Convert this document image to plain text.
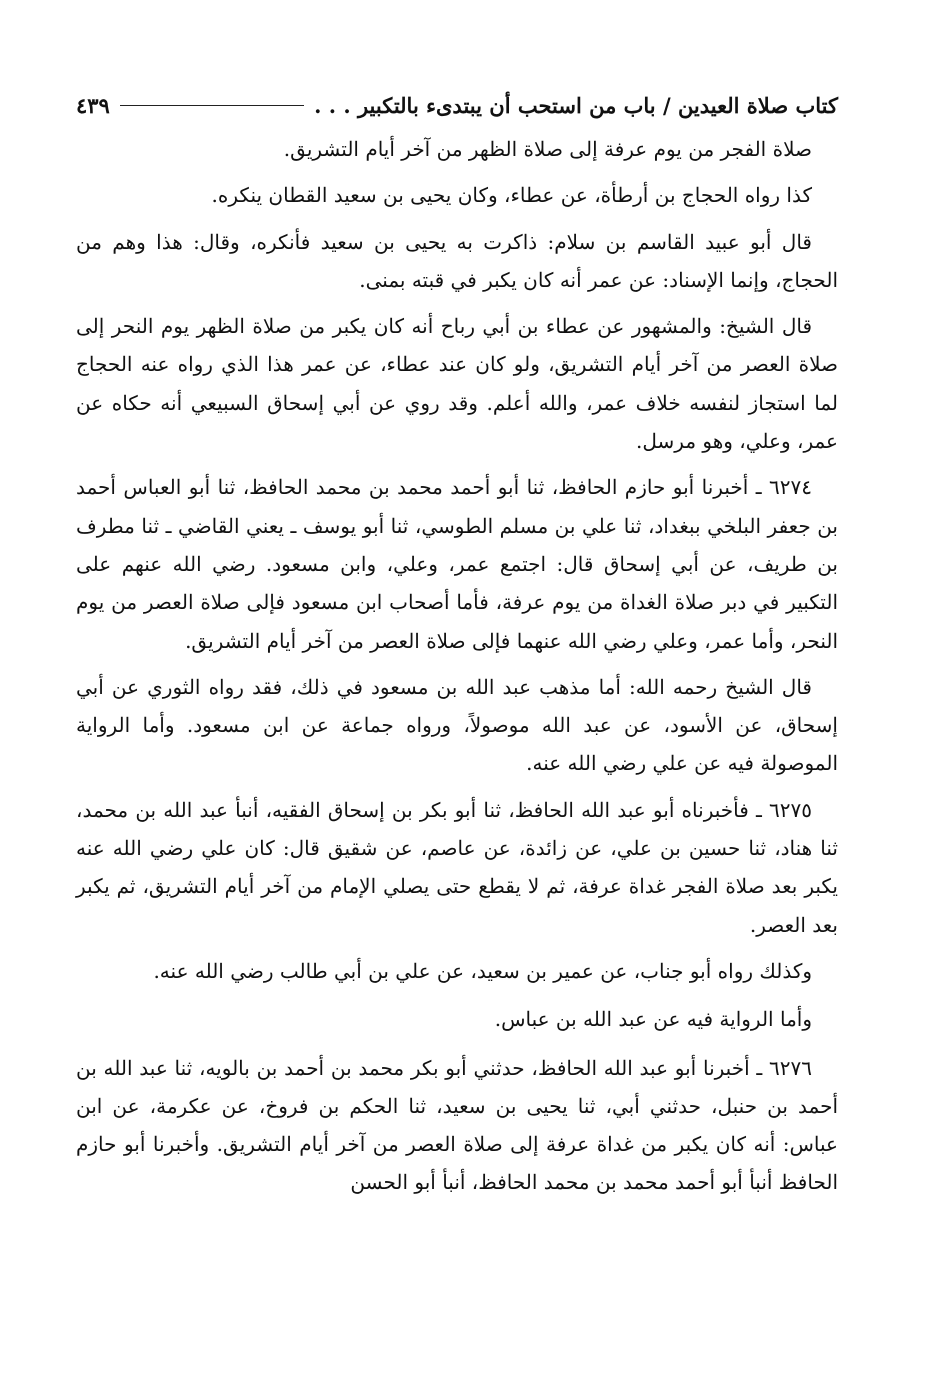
كتاب صلاة العيدين / باب من استحب أن يبتدىء بالتكبير . . .
٤٣٩

صلاة الفجر من يوم عرفة إلى صلاة الظهر من آخر أيام التشريق.

كذا رواه الحجاج بن أرطأة، عن عطاء، وكان يحيى بن سعيد القطان ينكره.

قال أبو عبيد القاسم بن سلام: ذاكرت به يحيى بن سعيد فأنكره، وقال: هذا وهم من الحجاج، وإنما الإسناد: عن عمر أنه كان يكبر في قبته بمنى.

قال الشيخ: والمشهور عن عطاء بن أبي رباح أنه كان يكبر من صلاة الظهر يوم النحر إلى صلاة العصر من آخر أيام التشريق، ولو كان عند عطاء، عن عمر هذا الذي رواه عنه الحجاج لما استجاز لنفسه خلاف عمر، والله أعلم. وقد روي عن أبي إسحاق السبيعي أنه حكاه عن عمر، وعلي، وهو مرسل.

٦٢٧٤ ـ أخبرنا أبو حازم الحافظ، ثنا أبو أحمد محمد بن محمد الحافظ، ثنا أبو العباس أحمد بن جعفر البلخي ببغداد، ثنا علي بن مسلم الطوسي، ثنا أبو يوسف ـ يعني القاضي ـ ثنا مطرف بن طريف، عن أبي إسحاق قال: اجتمع عمر، وعلي، وابن مسعود. رضي الله عنهم على التكبير في دبر صلاة الغداة من يوم عرفة، فأما أصحاب ابن مسعود فإلى صلاة العصر من يوم النحر، وأما عمر، وعلي رضي الله عنهما فإلى صلاة العصر من آخر أيام التشريق.

قال الشيخ رحمه الله: أما مذهب عبد الله بن مسعود في ذلك، فقد رواه الثوري عن أبي إسحاق، عن الأسود، عن عبد الله موصولاً، ورواه جماعة عن ابن مسعود. وأما الرواية الموصولة فيه عن علي رضي الله عنه.

٦٢٧٥ ـ فأخبرناه أبو عبد الله الحافظ، ثنا أبو بكر بن إسحاق الفقيه، أنبأ عبد الله بن محمد، ثنا هناد، ثنا حسين بن علي، عن زائدة، عن عاصم، عن شقيق قال: كان علي رضي الله عنه يكبر بعد صلاة الفجر غداة عرفة، ثم لا يقطع حتى يصلي الإمام من آخر أيام التشريق، ثم يكبر بعد العصر.

وكذلك رواه أبو جناب، عن عمير بن سعيد، عن علي بن أبي طالب رضي الله عنه.

وأما الرواية فيه عن عبد الله بن عباس.

٦٢٧٦ ـ أخبرنا أبو عبد الله الحافظ، حدثني أبو بكر محمد بن أحمد بن بالويه، ثنا عبد الله بن أحمد بن حنبل، حدثني أبي، ثنا يحيى بن سعيد، ثنا الحكم بن فروخ، عن عكرمة، عن ابن عباس: أنه كان يكبر من غداة عرفة إلى صلاة العصر من آخر أيام التشريق. وأخبرنا أبو حازم الحافظ أنبأ أبو أحمد محمد بن محمد الحافظ، أنبأ أبو الحسن
